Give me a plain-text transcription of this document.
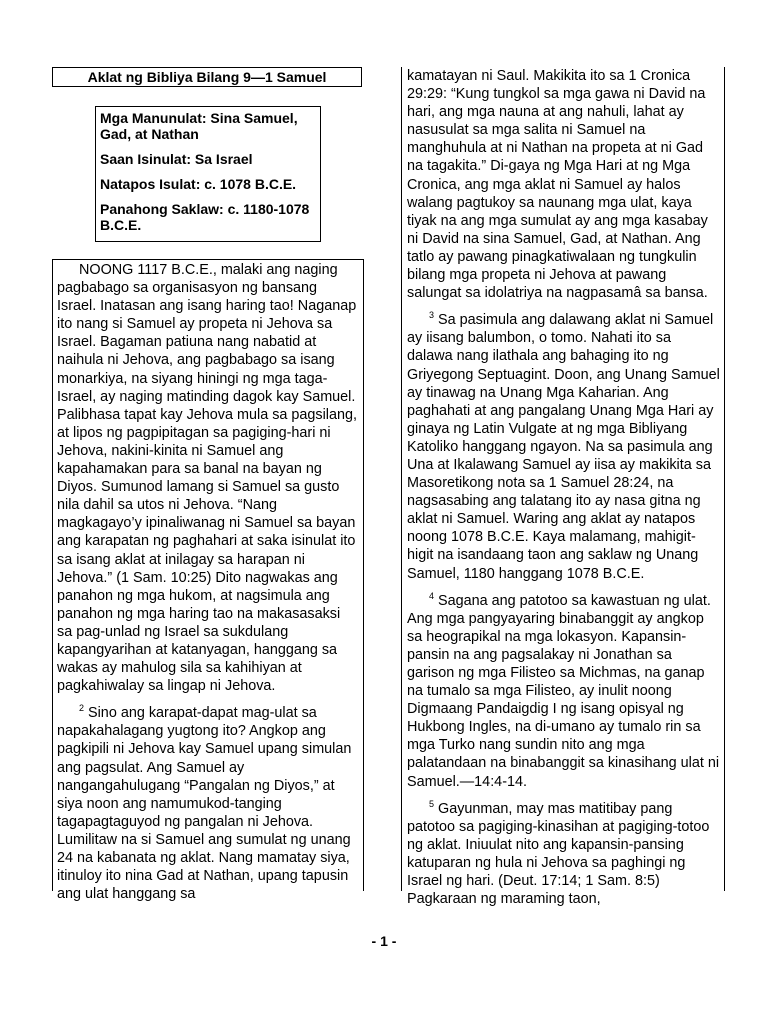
Aklat ng Bibliya Bilang 9—1 Samuel

Mga Manunulat: Sina Samuel, Gad, at Nathan

Saan Isinulat: Sa Israel

Natapos Isulat: c. 1078 B.C.E.

Panahong Saklaw: c. 1180-1078 B.C.E.

NOONG 1117 B.C.E., malaki ang naging pagbabago sa organisasyon ng bansang Israel. Inatasan ang isang haring tao! Naganap ito nang si Samuel ay propeta ni Jehova sa Israel. Bagaman patiuna nang nabatid at naihula ni Jehova, ang pagbabago sa isang monarkiya, na siyang hiningi ng mga taga-Israel, ay naging matinding dagok kay Samuel. Palibhasa tapat kay Jehova mula sa pagsilang, at lipos ng pagpipitagan sa pagiging-hari ni Jehova, nakini-kinita ni Samuel ang kapahamakan para sa banal na bayan ng Diyos. Sumunod lamang si Samuel sa gusto nila dahil sa utos ni Jehova. “Nang magkagayo’y ipinaliwanag ni Samuel sa bayan ang karapatan ng paghahari at saka isinulat ito sa isang aklat at inilagay sa harapan ni Jehova.” (1 Sam. 10:25) Dito nagwakas ang panahon ng mga hukom, at nagsimula ang panahon ng mga haring tao na makasasaksi sa pag-unlad ng Israel sa sukdulang kapangyarihan at katanyagan, hanggang sa wakas ay mahulog sila sa kahihiyan at pagkahiwalay sa lingap ni Jehova.

$^2$ Sino ang karapat-dapat mag-ulat sa napakahalagang yugtong ito? Angkop ang pagkipili ni Jehova kay Samuel upang simulan ang pagsulat. Ang Samuel ay nangangahulugang “Pangalan ng Diyos,” at siya noon ang namumukod-tanging tagapagtaguyod ng pangalan ni Jehova. Lumilitaw na si Samuel ang sumulat ng unang 24 na kabanata ng aklat. Nang mamatay siya, itinuloy ito nina Gad at Nathan, upang tapusin ang ulat hanggang sa

kamatayan ni Saul. Makikita ito sa 1 Cronica 29:29: “Kung tungkol sa mga gawa ni David na hari, ang mga nauna at ang nahuli, lahat ay nasusulat sa mga salita ni Samuel na manghuhula at ni Nathan na propeta at ni Gad na tagakita.” Di-gaya ng Mga Hari at ng Mga Cronica, ang mga aklat ni Samuel ay halos walang pagtukoy sa naunang mga ulat, kaya tiyak na ang mga sumulat ay ang mga kasabay ni David na sina Samuel, Gad, at Nathan. Ang tatlo ay pawang pinagkatiwalaan ng tungkulin bilang mga propeta ni Jehova at pawang salungat sa idolatriya na nagpasamâ sa bansa.

$^3$ Sa pasimula ang dalawang aklat ni Samuel ay iisang balumbon, o tomo. Nahati ito sa dalawa nang ilathala ang bahaging ito ng Griyegong Septuagint. Doon, ang Unang Samuel ay tinawag na Unang Mga Kaharian. Ang paghahati at ang pangalang Unang Mga Hari ay ginaya ng Latin Vulgate at ng mga Bibliyang Katoliko hanggang ngayon. Na sa pasimula ang Una at Ikalawang Samuel ay iisa ay makikita sa Masoretikong nota sa 1 Samuel 28:24, na nagsasabing ang talatang ito ay nasa gitna ng aklat ni Samuel. Waring ang aklat ay natapos noong 1078 B.C.E. Kaya malamang, mahigit-higit na isandaang taon ang saklaw ng Unang Samuel, 1180 hanggang 1078 B.C.E.

$^4$ Sagana ang patotoo sa kawastuan ng ulat. Ang mga pangyayaring binabanggit ay angkop sa heograpikal na mga lokasyon. Kapansin-pansin na ang pagsalakay ni Jonathan sa garison ng mga Filisteo sa Michmas, na ganap na tumalo sa mga Filisteo, ay inulit noong Digmaang Pandaigdig I ng isang opisyal ng Hukbong Ingles, na di-umano ay tumalo rin sa mga Turko nang sundin nito ang mga palatandaan na binabanggit sa kinasihang ulat ni Samuel.—14:4-14.

$^5$ Gayunman, may mas matitibay pang patotoo sa pagiging-kinasihan at pagiging-totoo ng aklat. Iniuulat nito ang kapansin-pansing katuparan ng hula ni Jehova sa paghingi ng Israel ng hari. (Deut. 17:14; 1 Sam. 8:5) Pagkaraan ng maraming taon,

- 1 -
